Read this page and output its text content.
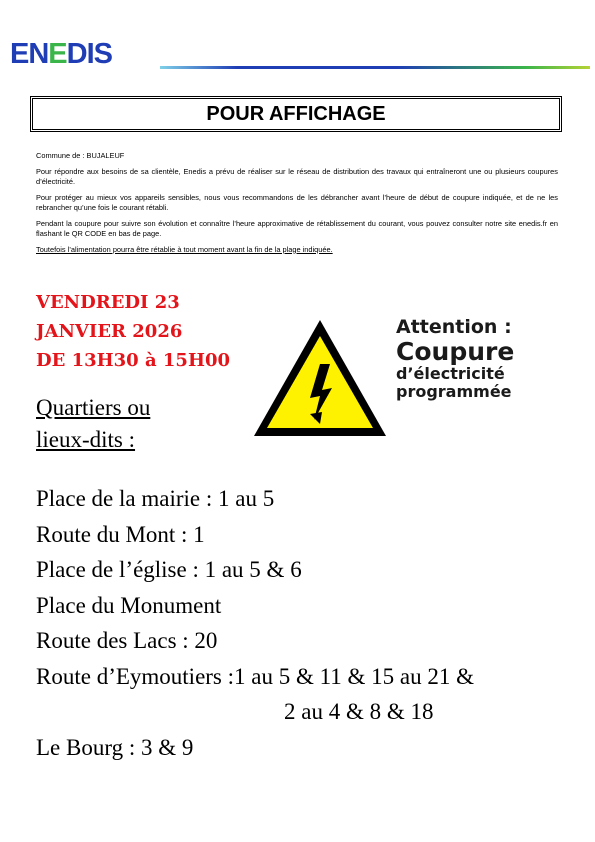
ENEDIS
POUR AFFICHAGE

Commune de : BUJALEUF

Pour répondre aux besoins de sa clientèle, Enedis a prévu de réaliser sur le réseau de distribution des travaux qui entraîneront une ou plusieurs coupures d’électricité.

Pour protéger au mieux vos appareils sensibles, nous vous recommandons de les débrancher avant l’heure de début de coupure indiquée, et de ne les rebrancher qu’une fois le courant rétabli.

Pendant la coupure pour suivre son évolution et connaître l’heure approximative de rétablissement du courant, vous pouvez consulter notre site enedis.fr en flashant le QR CODE en bas de page.

Toutefois l’alimentation pourra être rétablie à tout moment avant la fin de la plage indiquée.

VENDREDI 23
JANVIER 2026
DE 13H30 à 15H00
Quartiers ou
lieux-dits :
Attention :
Coupure
d’électricité
programmée
Place de la mairie : 1 au 5
Route du Mont : 1
Place de l’église : 1 au 5 & 6
Place du Monument
Route des Lacs : 20
Route d’Eymoutiers :1 au 5 & 11 & 15 au 21 &
2 au 4 & 8 & 18
Le Bourg : 3 & 9
